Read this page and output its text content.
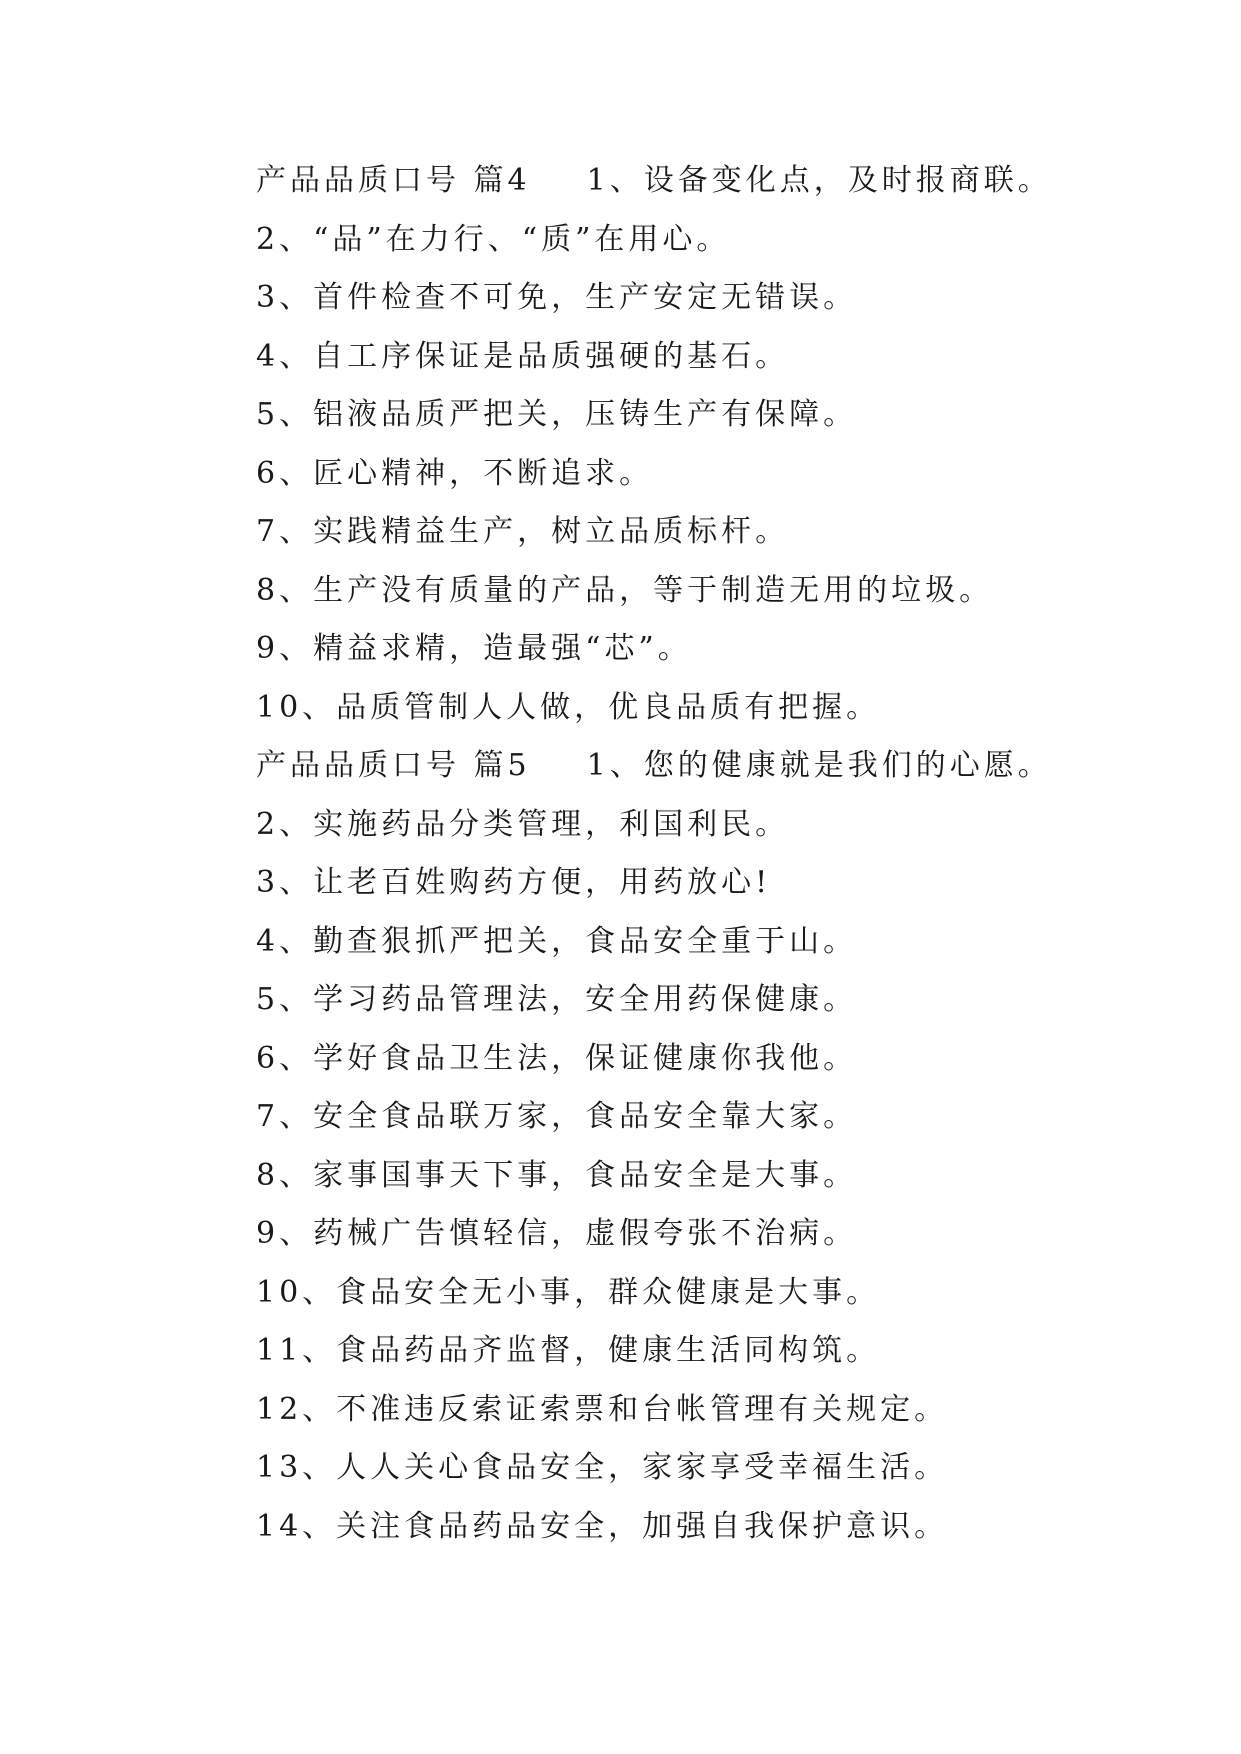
产品品质口号 篇4 1、设备变化点，及时报商联。
2、“品”在力行、“质”在用心。
3、首件检查不可免，生产安定无错误。
4、自工序保证是品质强硬的基石。
5、铝液品质严把关，压铸生产有保障。
6、匠心精神，不断追求。
7、实践精益生产，树立品质标杆。
8、生产没有质量的产品，等于制造无用的垃圾。
9、精益求精，造最强“芯”。
10、品质管制人人做，优良品质有把握。
产品品质口号 篇5 1、您的健康就是我们的心愿。
2、实施药品分类管理，利国利民。
3、让老百姓购药方便，用药放心!
4、勤查狠抓严把关，食品安全重于山。
5、学习药品管理法，安全用药保健康。
6、学好食品卫生法，保证健康你我他。
7、安全食品联万家，食品安全靠大家。
8、家事国事天下事，食品安全是大事。
9、药械广告慎轻信，虚假夸张不治病。
10、食品安全无小事，群众健康是大事。
11、食品药品齐监督，健康生活同构筑。
12、不准违反索证索票和台帐管理有关规定。
13、人人关心食品安全，家家享受幸福生活。
14、关注食品药品安全，加强自我保护意识。
